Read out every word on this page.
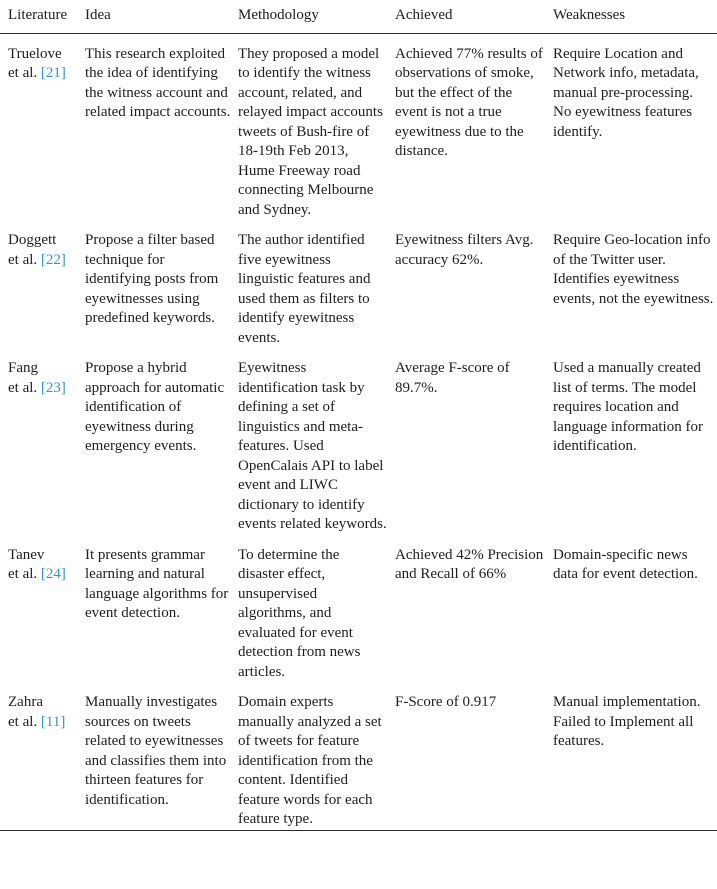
Literature	Idea	Methodology	Achieved	Weaknesses
Truelove
et al. [21]	This research exploited the idea of identifying the witness account and related impact accounts.	They proposed a model to identify the witness account, related, and relayed impact accounts tweets of Bush-fire of 18-19th Feb 2013, Hume Freeway road connecting Melbourne and Sydney.	Achieved 77% results of observations of smoke, but the effect of the event is not a true eyewitness due to the distance.	Require Location and Network info, metadata, manual pre-processing. No eyewitness features identify.
Doggett
et al. [22]	Propose a filter based technique for identifying posts from eyewitnesses using predefined keywords.	The author identified five eyewitness linguistic features and used them as filters to identify eyewitness events.	Eyewitness filters Avg. accuracy 62%.	Require Geo-location info of the Twitter user. Identifies eyewitness events, not the eyewitness.
Fang
et al. [23]	Propose a hybrid approach for automatic identification of eyewitness during emergency events.	Eyewitness identification task by defining a set of linguistics and meta-features. Used OpenCalais API to label event and LIWC dictionary to identify events related keywords.	Average F-score of 89.7%.	Used a manually created list of terms. The model requires location and language information for identification.
Tanev
et al. [24]	It presents grammar learning and natural language algorithms for event detection.	To determine the disaster effect, unsupervised algorithms, and evaluated for event detection from news articles.	Achieved 42% Precision and Recall of 66%	Domain-specific news data for event detection.
Zahra
et al. [11]	Manually investigates sources on tweets related to eyewitnesses and classifies them into thirteen features for identification.	Domain experts manually analyzed a set of tweets for feature identification from the content. Identified feature words for each feature type.	F-Score of 0.917	Manual implementation. Failed to Implement all features.
